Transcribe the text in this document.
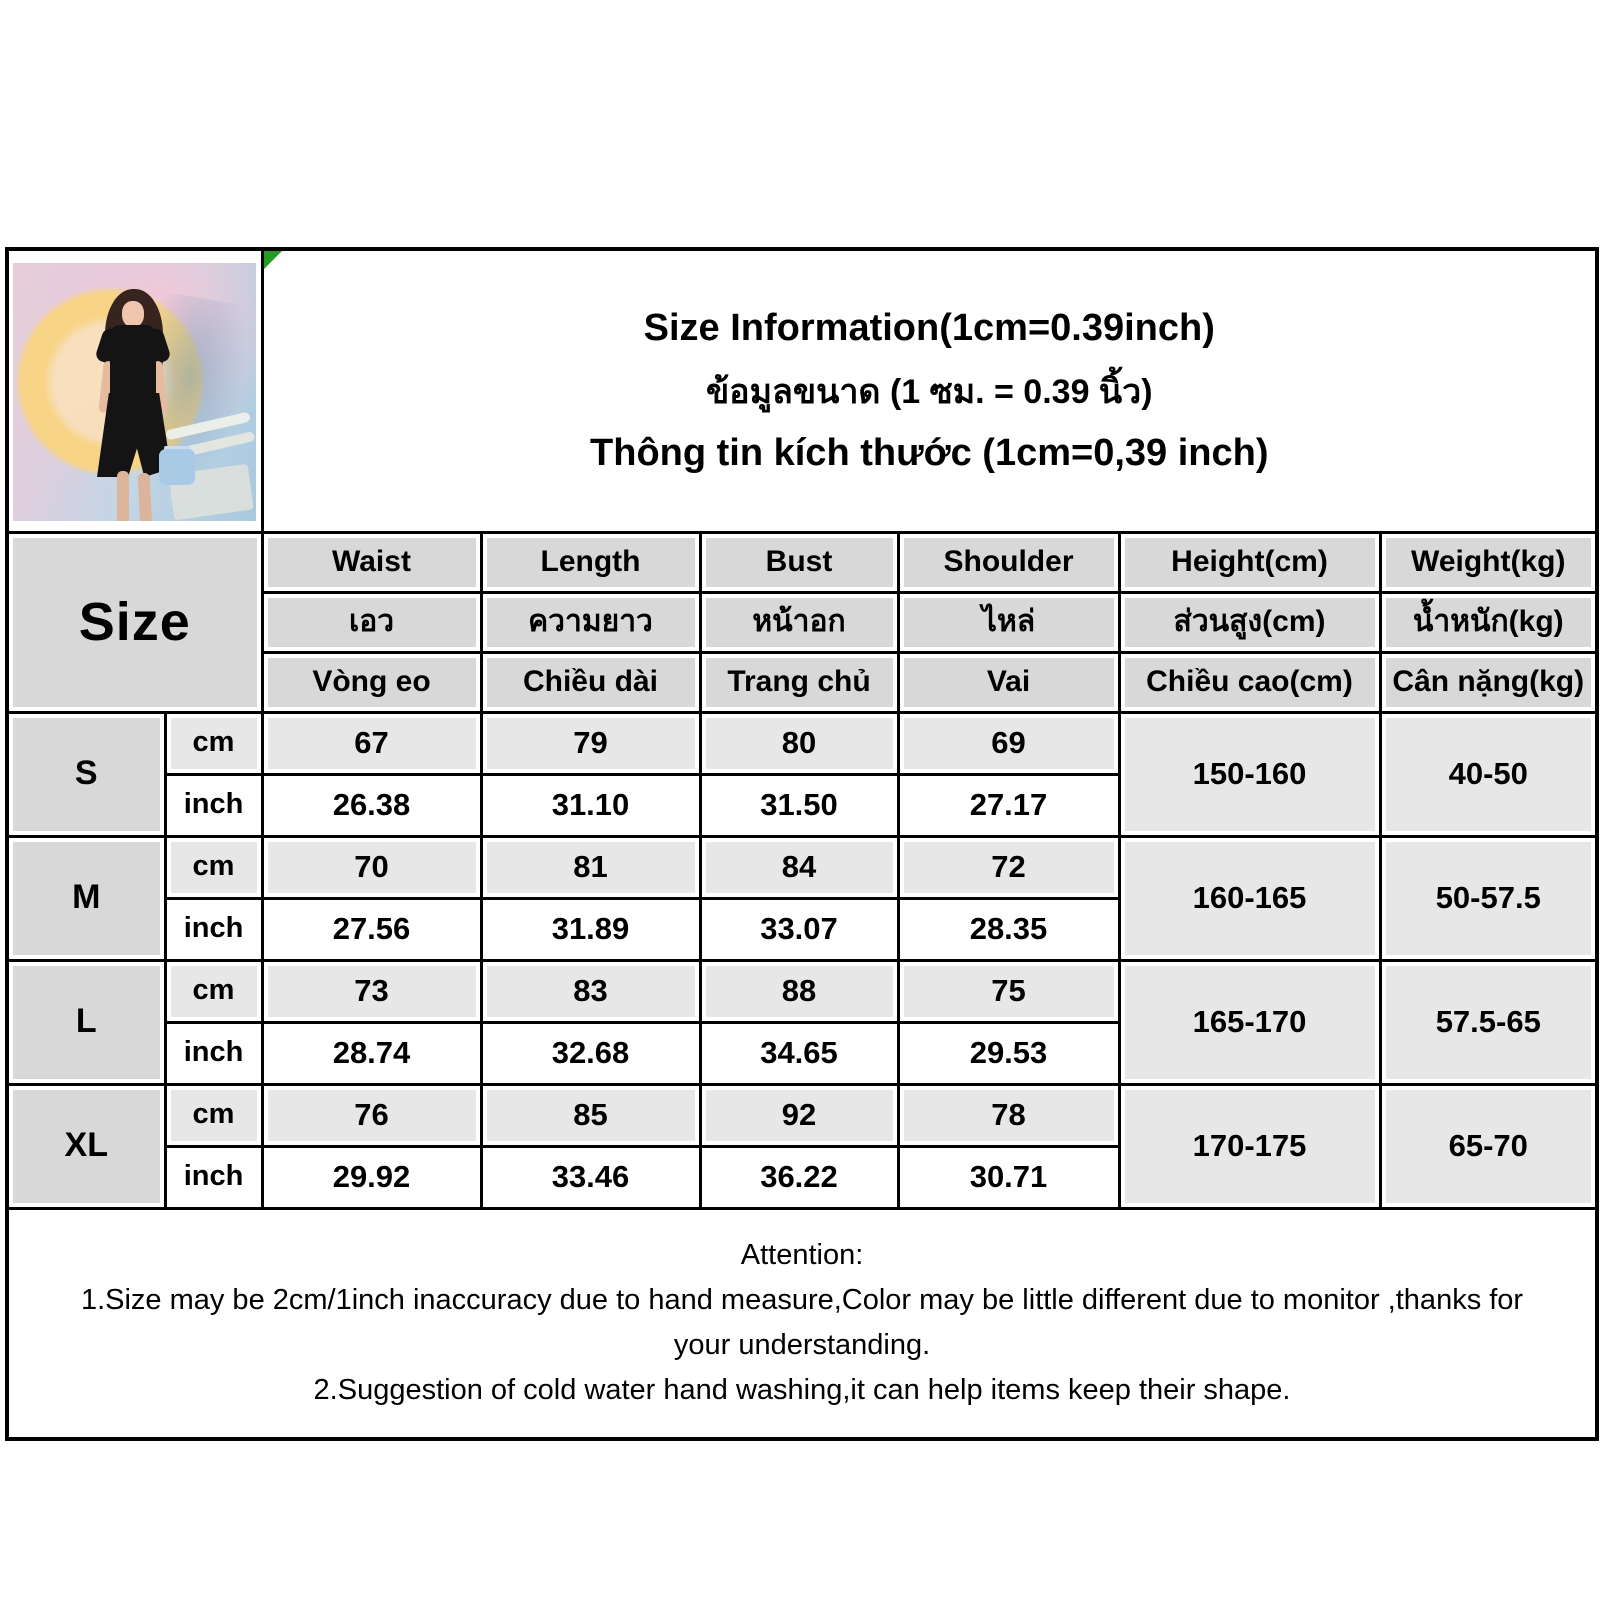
		Size Information(1cm=0.39inch)
ข้อมูลขนาด (1 ซม. = 0.39 นิ้ว)
Thông tin kích thước (1cm=0,39 inch)					

Size		Waist	Length	Bust	Shoulder	Height(cm)	Weight(kg)

เอว	ความยาว	หน้าอก	ไหล่	ส่วนสูง(cm)	น้ำหนัก(kg)

Vòng eo	Chiều dài	Trang chủ	Vai	Chiều cao(cm)	Cân nặng(kg)

S	cm	67	79	80	69	150-160	40-50

inch	26.38	31.10	31.50	27.17		

M	cm	70	81	84	72	160-165	50-57.5

inch	27.56	31.89	33.07	28.35		

L	cm	73	83	88	75	165-170	57.5-65

inch	28.74	32.68	34.65	29.53		

XL	cm	76	85	92	78	170-175	65-70

inch	29.92	33.46	36.22	30.71		

Attention:
1.Size may be 2cm/1inch inaccuracy due to hand measure,Color may be little different due to monitor ,thanks for
your understanding.
2.Suggestion of cold water hand washing,it can help items keep their shape.							
